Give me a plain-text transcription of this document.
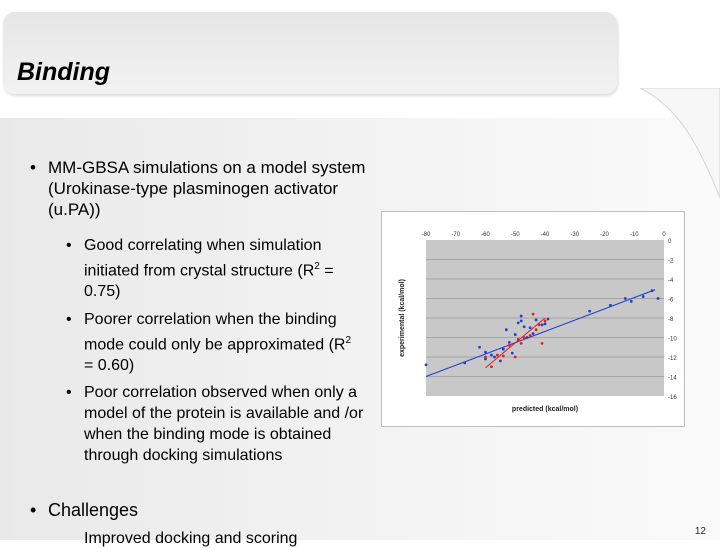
Binding
• MM-GBSA simulations on a model system (Urokinase-type plasminogen activator (u.PA))
• Good correlating when simulation initiated from crystal structure $(R^2 = 0.75)$
• Poorer correlation when the binding mode could only be approximated $(R^2 = 0.60)$
• Poor correlation observed when only a model of the protein is available and /or when the binding mode is obtained through docking simulations
• Challenges
Improved docking and scoring	12
0
-2
-4
-6
-8
-10
-12
-14
-16
-80	-70	-60	-50	-40	-30	-20	-10	0
predicted (kcal/mol)
experimental (kcal/mol)
